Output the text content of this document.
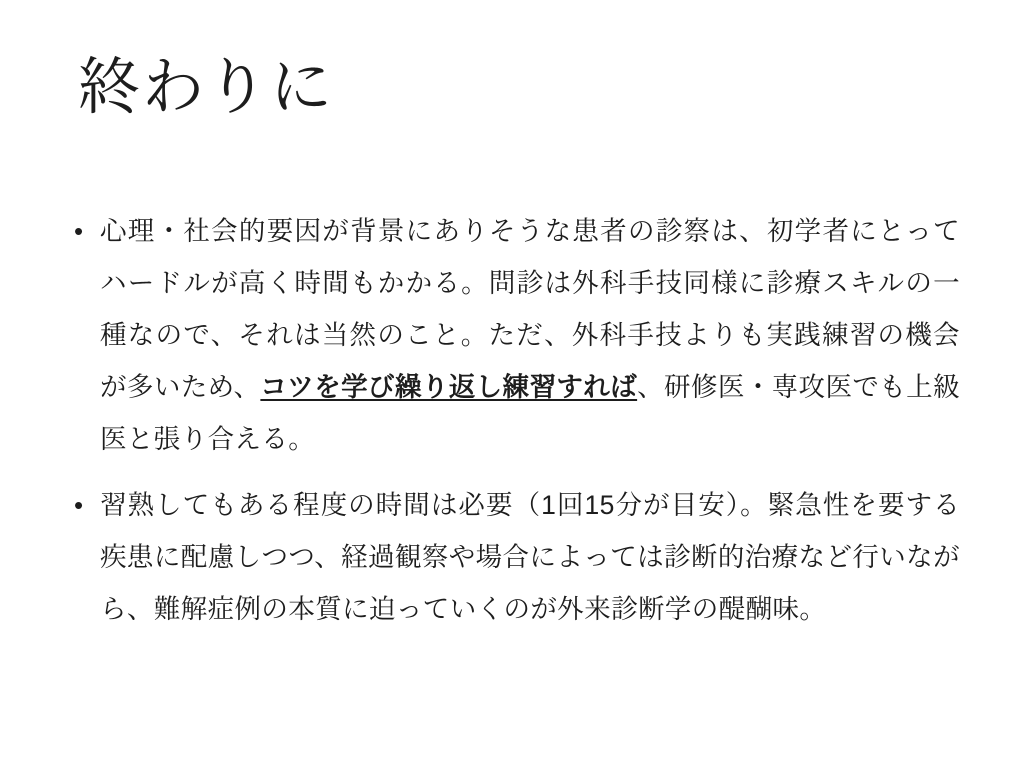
終わりに
• 心理・社会的要因が背景にありそうな患者の診察は、初学者にとってハードルが高く時間もかかる。問診は外科手技同様に診療スキルの一種なので、それは当然のこと。ただ、外科手技よりも実践練習の機会が多いため、コツを学び繰り返し練習すれば、研修医・専攻医でも上級医と張り合える。
• 習熟してもある程度の時間は必要（1回15分が目安）。緊急性を要する疾患に配慮しつつ、経過観察や場合によっては診断的治療など行いながら、難解症例の本質に迫っていくのが外来診断学の醍醐味。
